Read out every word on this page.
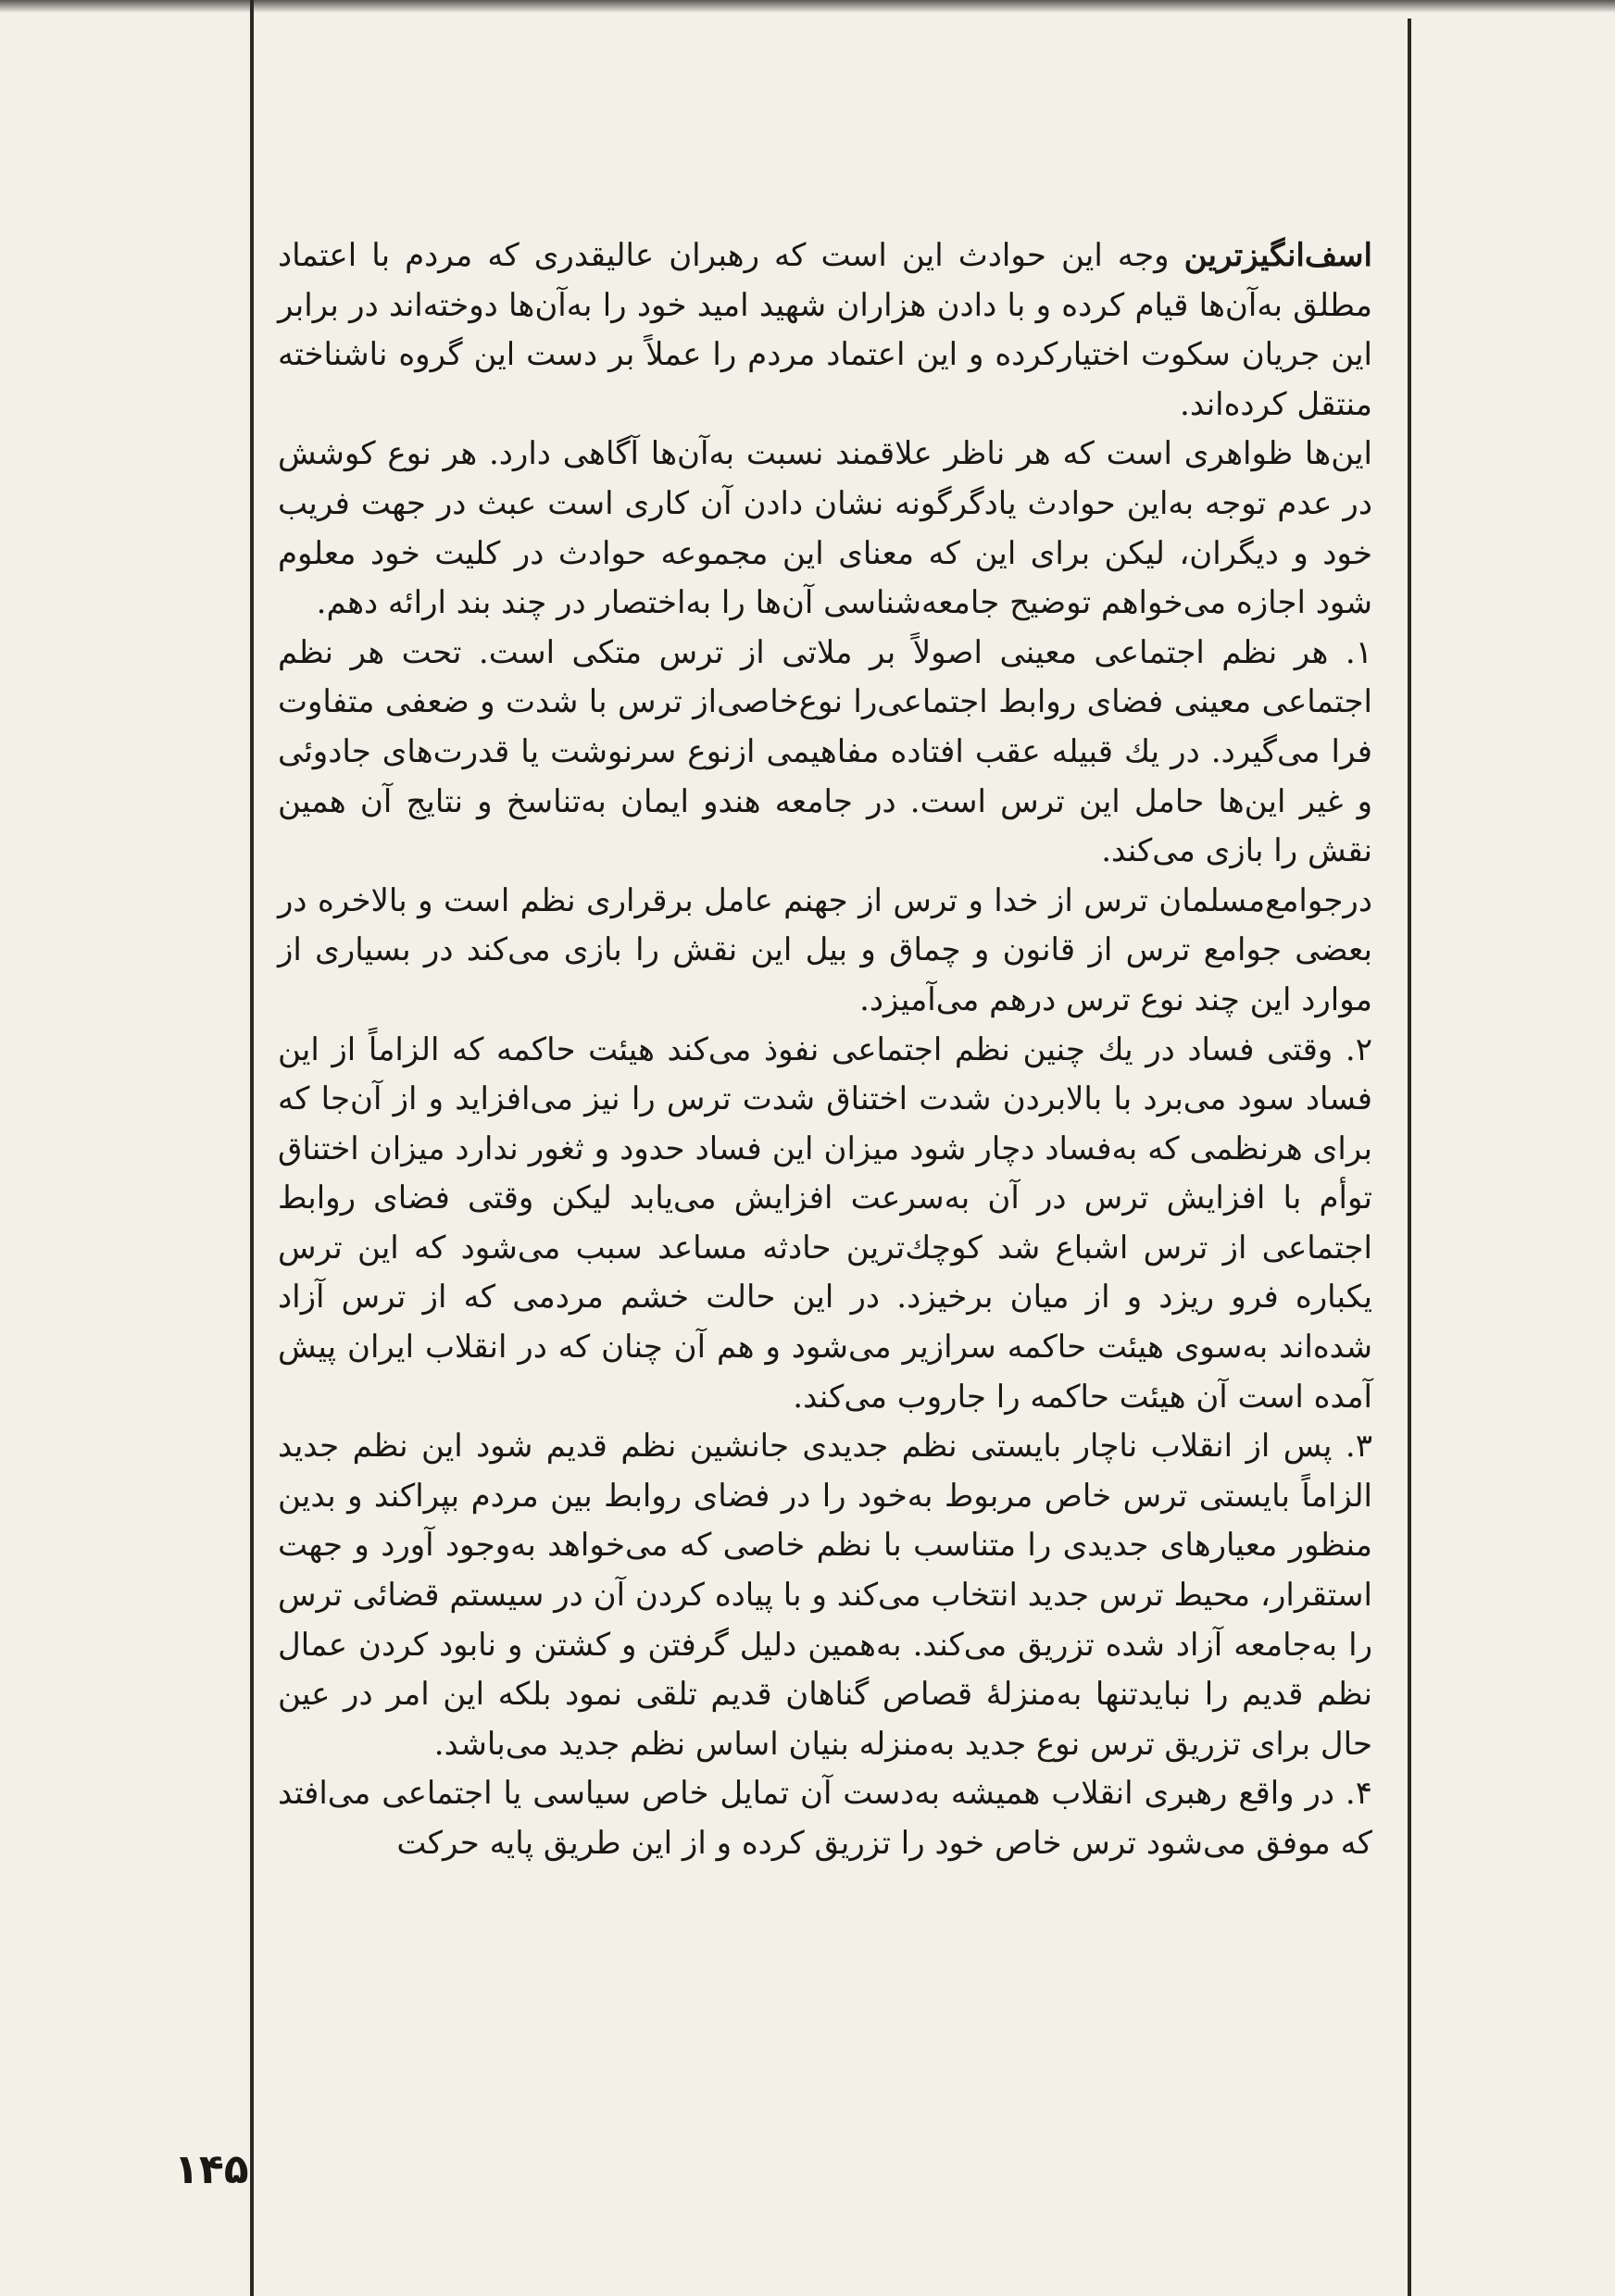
اسف‌انگیزترین وجه این حوادث این است که رهبران عالیقدری که مردم با اعتماد مطلق به‌آن‌ها قیام کرده و با دادن هزاران شهید امید خود را به‌آن‌ها دوخته‌اند در برابر این جریان سکوت اختیارکرده و این اعتماد مردم را عملاً بر دست این گروه ناشناخته منتقل کرده‌اند.

این‌ها ظواهری است که هر ناظر علاقمند نسبت به‌آن‌ها آگاهی دارد. هر نوع کوشش در عدم توجه به‌این حوادث یادگرگونه نشان دادن آن کاری است عبث در جهت فریب خود و دیگران، لیکن برای این که معنای این مجموعه حوادث در کلیت خود معلوم شود اجازه می‌خواهم توضیح جامعه‌شناسی آن‌ها را به‌اختصار در چند بند ارائه دهم.

۱. هر نظم اجتماعی معینی اصولاً بر ملاتی از ترس متکی است. تحت هر نظم اجتماعی معینی فضای روابط اجتماعی‌را نوع‌خاصی‌از ترس با شدت و ضعفی متفاوت فرا می‌گیرد. در یك قبیله عقب افتاده مفاهیمی ازنوع سرنوشت یا قدرت‌های جادوئی و غیر این‌ها حامل این ترس است. در جامعه هندو ایمان به‌تناسخ و نتایج آن همین نقش را بازی می‌کند.

درجوامع‌مسلمان ترس از خدا و ترس از جهنم عامل برقراری نظم است و بالاخره در بعضی جوامع ترس از قانون و چماق و بیل این نقش را بازی می‌کند در بسیاری از موارد این چند نوع ترس درهم می‌آمیزد.

۲. وقتی فساد در یك چنین نظم اجتماعی نفوذ می‌کند هیئت حاکمه که الزاماً از این فساد سود می‌برد با بالابردن شدت اختناق شدت ترس را نیز می‌افزاید و از آن‌جا که برای هرنظمی که به‌فساد دچار شود میزان این فساد حدود و ثغور ندارد میزان اختناق توأم با افزایش ترس در آن به‌سرعت افزایش می‌یابد لیکن وقتی فضای روابط اجتماعی از ترس اشباع شد کوچك‌ترین حادثه مساعد سبب می‌شود که این ترس یکباره فرو ریزد و از میان برخیزد. در این حالت خشم مردمی که از ترس آزاد شده‌اند به‌سوی هیئت حاکمه سرازیر می‌شود و هم آن چنان که در انقلاب ایران پیش آمده است آن هیئت حاکمه را جاروب می‌کند.

۳. پس از انقلاب ناچار بایستی نظم جدیدی جانشین نظم قدیم شود این نظم جدید الزاماً بایستی ترس خاص مربوط به‌خود را در فضای روابط بین مردم بپراکند و بدین منظور معیارهای جدیدی را متناسب با نظم خاصی که می‌خواهد به‌وجود آورد و جهت استقرار، محیط ترس جدید انتخاب می‌کند و با پیاده کردن آن در سیستم قضائی ترس را به‌جامعه آزاد شده تزریق می‌کند. به‌همین دلیل گرفتن و کشتن و نابود کردن عمال نظم قدیم را نبایدتنها به‌منزلهٔ قصاص گناهان قدیم تلقی نمود بلکه این امر در عین حال برای تزریق ترس نوع جدید به‌منزله بنیان اساس نظم جدید می‌باشد.

۴. در واقع رهبری انقلاب همیشه به‌دست آن تمایل خاص سیاسی یا اجتماعی می‌افتد که موفق می‌شود ترس خاص خود را تزریق کرده و از این طریق پایه حرکت

۱۴۵
